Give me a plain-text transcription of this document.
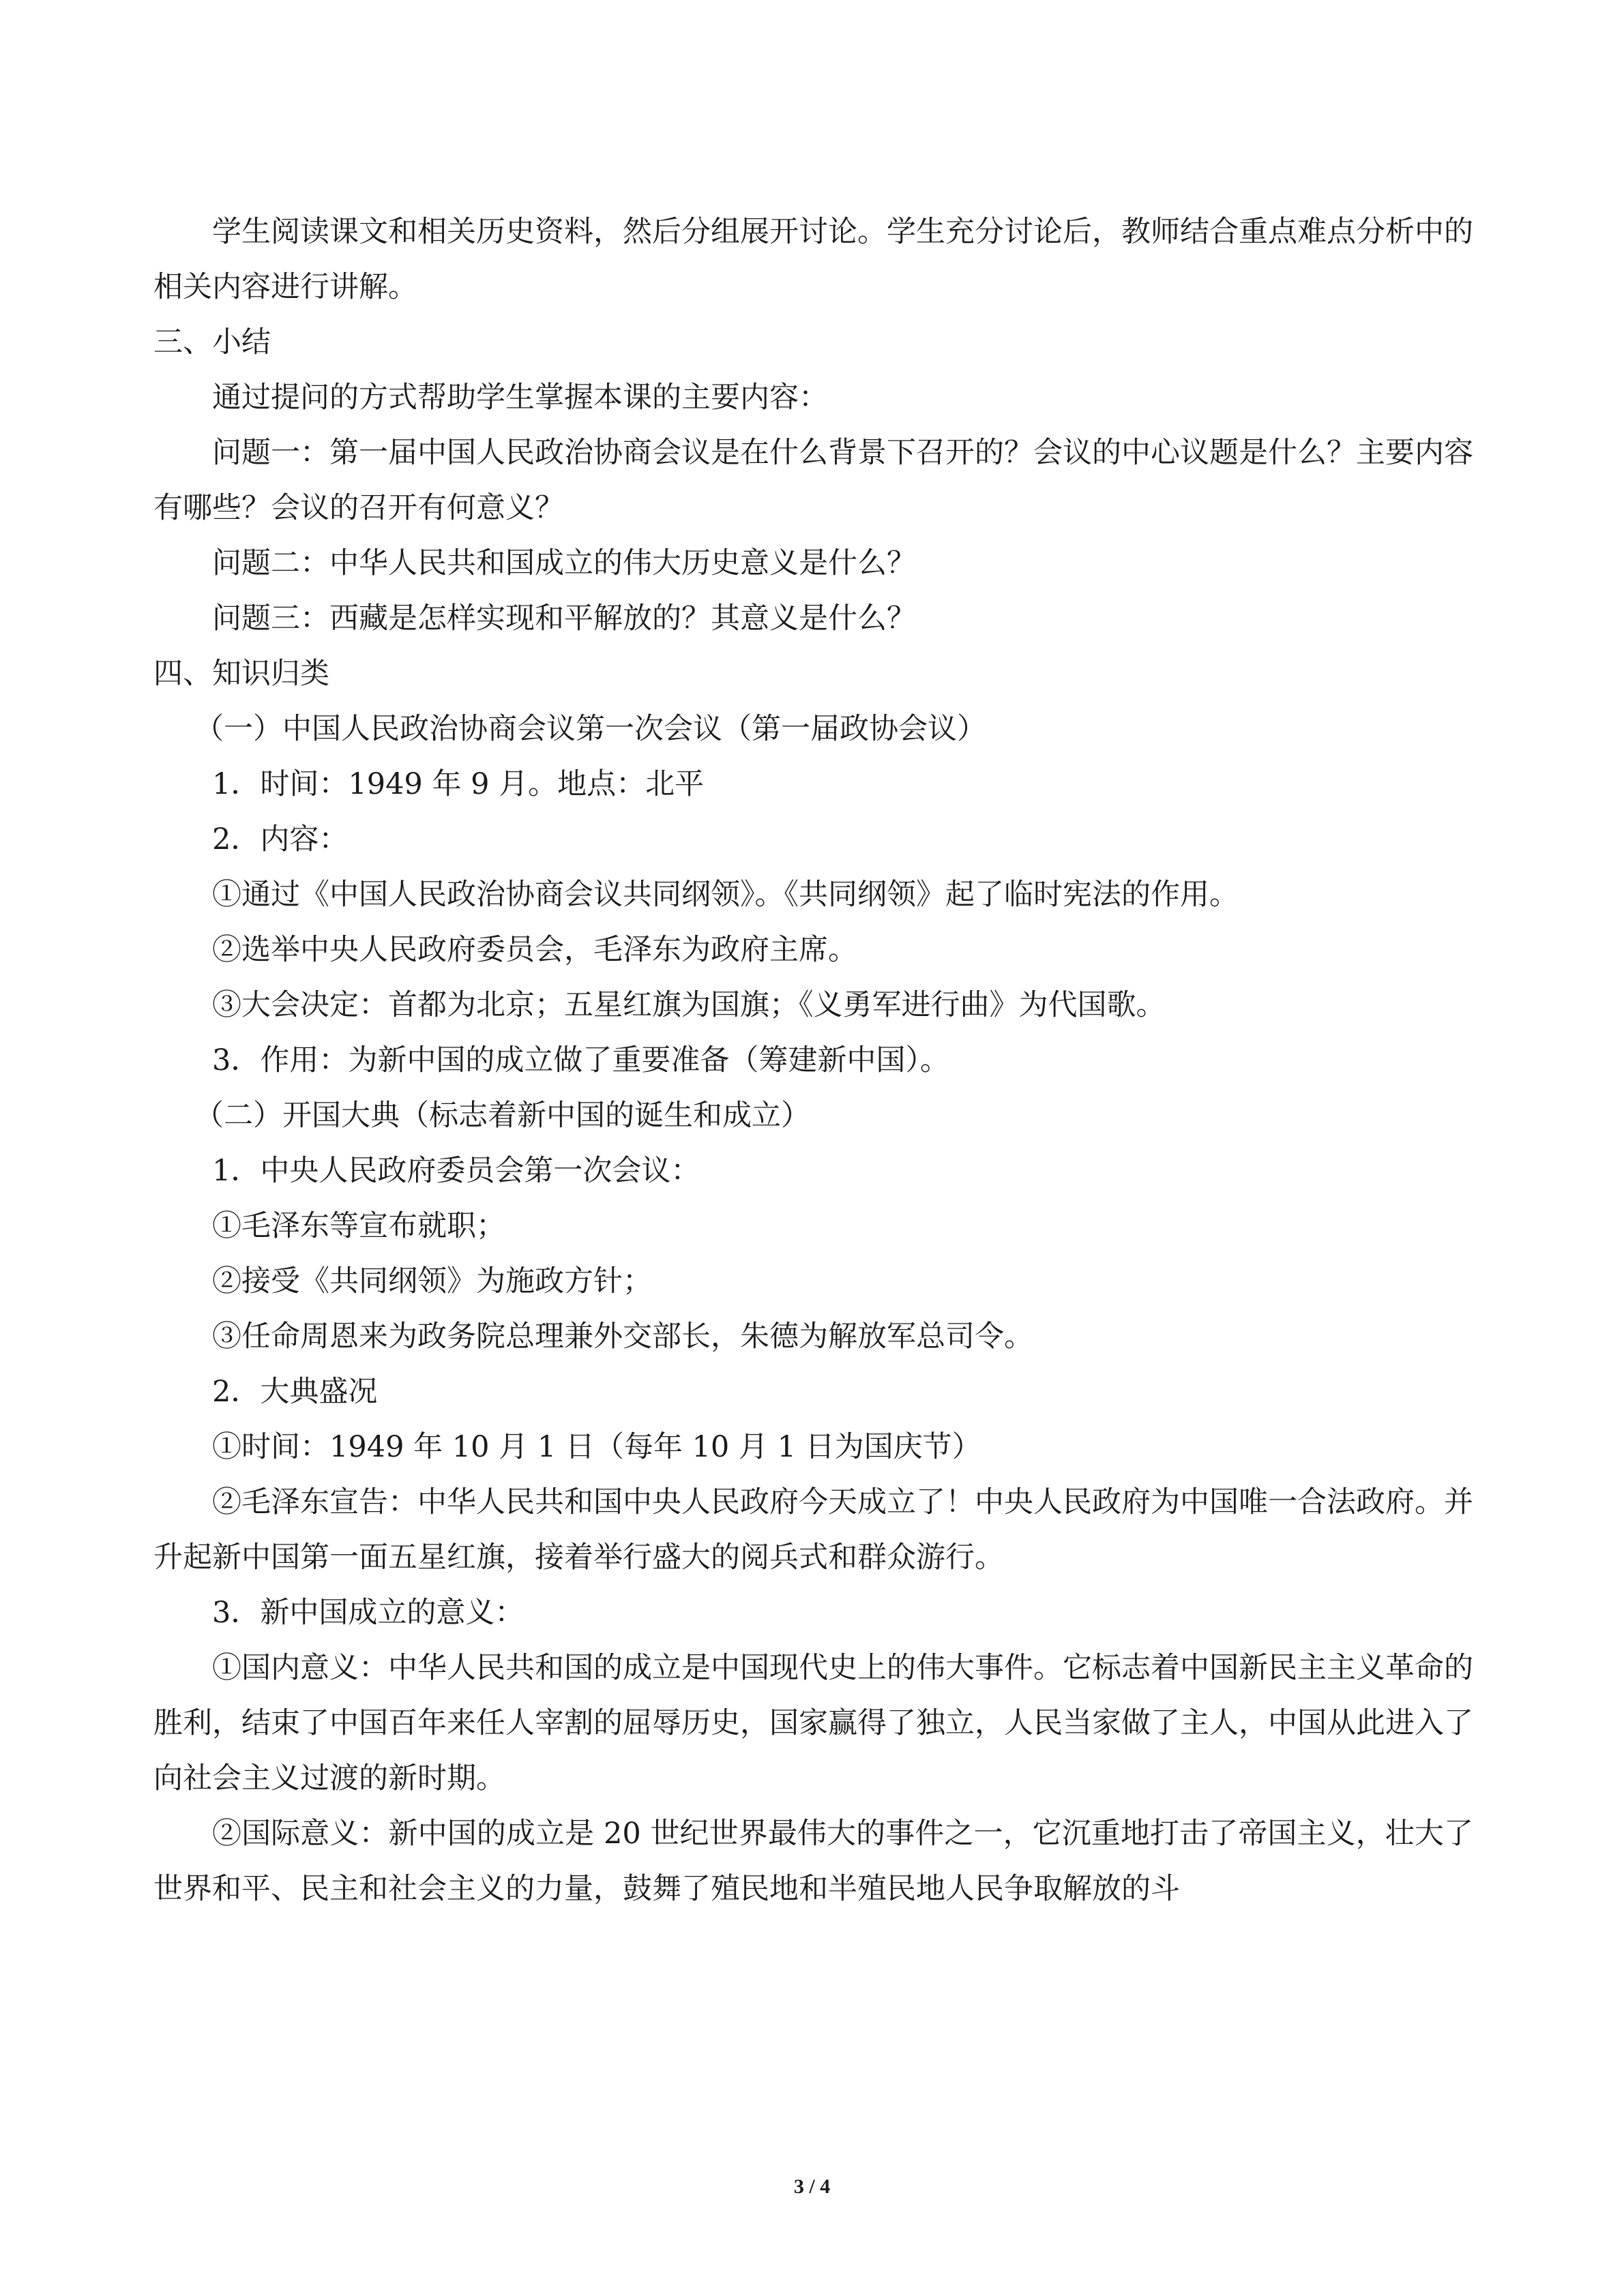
学生阅读课文和相关历史资料，然后分组展开讨论。学生充分讨论后，教师结合重点难点分析中的相关内容进行讲解。

三、小结

通过提问的方式帮助学生掌握本课的主要内容：

问题一：第一届中国人民政治协商会议是在什么背景下召开的？会议的中心议题是什么？主要内容有哪些？会议的召开有何意义？

问题二：中华人民共和国成立的伟大历史意义是什么？

问题三：西藏是怎样实现和平解放的？其意义是什么？

四、知识归类

（一）中国人民政治协商会议第一次会议（第一届政协会议）

1．时间：1949 年 9 月。地点：北平

2．内容：

①通过《中国人民政治协商会议共同纲领》。《共同纲领》起了临时宪法的作用。

②选举中央人民政府委员会，毛泽东为政府主席。

③大会决定：首都为北京；五星红旗为国旗；《义勇军进行曲》为代国歌。

3．作用：为新中国的成立做了重要准备（筹建新中国）。

（二）开国大典（标志着新中国的诞生和成立）

1．中央人民政府委员会第一次会议：

①毛泽东等宣布就职；

②接受《共同纲领》为施政方针；

③任命周恩来为政务院总理兼外交部长，朱德为解放军总司令。

2．大典盛况

①时间：1949 年 10 月 1 日（每年 10 月 1 日为国庆节）

②毛泽东宣告：中华人民共和国中央人民政府今天成立了！中央人民政府为中国唯一合法政府。并升起新中国第一面五星红旗，接着举行盛大的阅兵式和群众游行。

3．新中国成立的意义：

①国内意义：中华人民共和国的成立是中国现代史上的伟大事件。它标志着中国新民主主义革命的胜利，结束了中国百年来任人宰割的屈辱历史，国家赢得了独立，人民当家做了主人，中国从此进入了向社会主义过渡的新时期。

②国际意义：新中国的成立是 20 世纪世界最伟大的事件之一，它沉重地打击了帝国主义，壮大了世界和平、民主和社会主义的力量，鼓舞了殖民地和半殖民地人民争取解放的斗

3 / 4
